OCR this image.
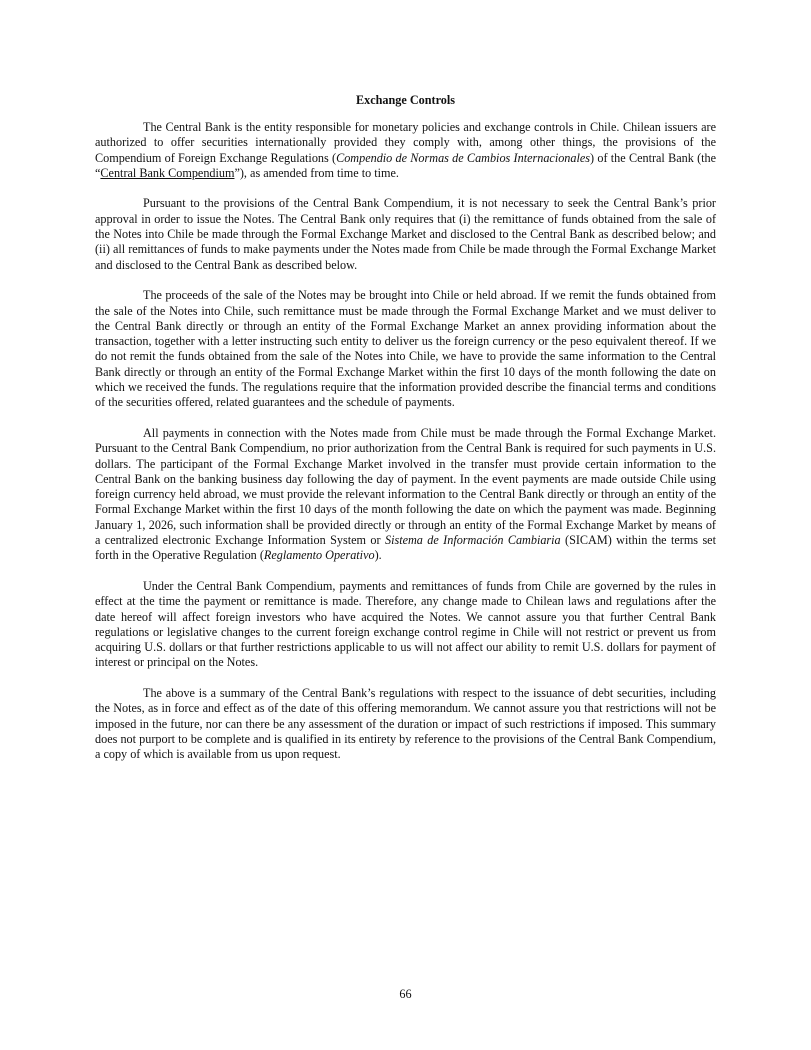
Exchange Controls

The Central Bank is the entity responsible for monetary policies and exchange controls in Chile. Chilean issuers are authorized to offer securities internationally provided they comply with, among other things, the provisions of the Compendium of Foreign Exchange Regulations (Compendio de Normas de Cambios Internacionales) of the Central Bank (the “Central Bank Compendium”), as amended from time to time.

Pursuant to the provisions of the Central Bank Compendium, it is not necessary to seek the Central Bank’s prior approval in order to issue the Notes. The Central Bank only requires that (i) the remittance of funds obtained from the sale of the Notes into Chile be made through the Formal Exchange Market and disclosed to the Central Bank as described below; and (ii) all remittances of funds to make payments under the Notes made from Chile be made through the Formal Exchange Market and disclosed to the Central Bank as described below.

The proceeds of the sale of the Notes may be brought into Chile or held abroad. If we remit the funds obtained from the sale of the Notes into Chile, such remittance must be made through the Formal Exchange Market and we must deliver to the Central Bank directly or through an entity of the Formal Exchange Market an annex providing information about the transaction, together with a letter instructing such entity to deliver us the foreign currency or the peso equivalent thereof. If we do not remit the funds obtained from the sale of the Notes into Chile, we have to provide the same information to the Central Bank directly or through an entity of the Formal Exchange Market within the first 10 days of the month following the date on which we received the funds. The regulations require that the information provided describe the financial terms and conditions of the securities offered, related guarantees and the schedule of payments.

All payments in connection with the Notes made from Chile must be made through the Formal Exchange Market. Pursuant to the Central Bank Compendium, no prior authorization from the Central Bank is required for such payments in U.S. dollars. The participant of the Formal Exchange Market involved in the transfer must provide certain information to the Central Bank on the banking business day following the day of payment. In the event payments are made outside Chile using foreign currency held abroad, we must provide the relevant information to the Central Bank directly or through an entity of the Formal Exchange Market within the first 10 days of the month following the date on which the payment was made. Beginning January 1, 2026, such information shall be provided directly or through an entity of the Formal Exchange Market by means of a centralized electronic Exchange Information System or Sistema de Información Cambiaria (SICAM) within the terms set forth in the Operative Regulation (Reglamento Operativo).

Under the Central Bank Compendium, payments and remittances of funds from Chile are governed by the rules in effect at the time the payment or remittance is made. Therefore, any change made to Chilean laws and regulations after the date hereof will affect foreign investors who have acquired the Notes. We cannot assure you that further Central Bank regulations or legislative changes to the current foreign exchange control regime in Chile will not restrict or prevent us from acquiring U.S. dollars or that further restrictions applicable to us will not affect our ability to remit U.S. dollars for payment of interest or principal on the Notes.

The above is a summary of the Central Bank’s regulations with respect to the issuance of debt securities, including the Notes, as in force and effect as of the date of this offering memorandum. We cannot assure you that restrictions will not be imposed in the future, nor can there be any assessment of the duration or impact of such restrictions if imposed. This summary does not purport to be complete and is qualified in its entirety by reference to the provisions of the Central Bank Compendium, a copy of which is available from us upon request.

66
